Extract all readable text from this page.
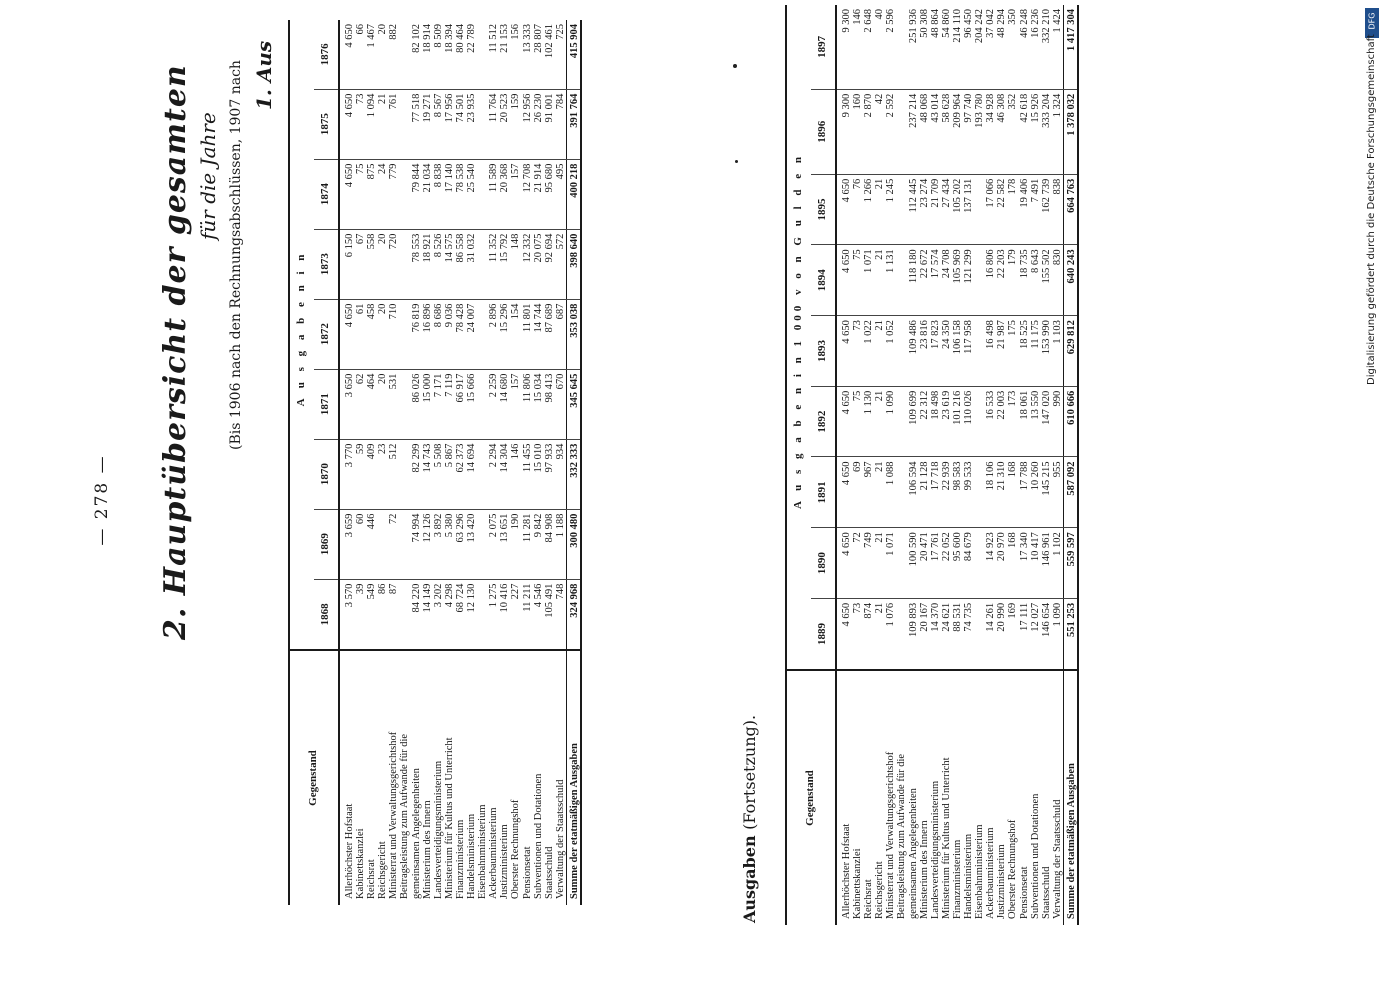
— 278 — 2. Hauptübersicht der gesamten für die Jahre (Bis 1906 nach den Rechnungsabschlüssen, 1907 nach 1. Aus
Gegenstand	A u s g a b e n i n								
	1868	1869	1870	1871	1872	1873	1874	1875	1876

Allerhöchster Hofstaat	3 570	3 659	3 770	3 650	4 650	6 150	4 650	4 650	4 650
Kabinettskanzlei	39	60	59	62	61	67	75	73	66
Reichsrat	549	446	409	464	458	558	875	1 094	1 467
Reichsgericht	86		23	20	20	20	24	21	20
Ministerrat und Verwaltungsgerichtshof	87	72	512	531	710	720	779	761	882
Beitragsleistung zum Aufwande für die									
gemeinsamen Angelegenheiten	84 220	74 994	82 299	86 026	76 819	78 553	79 844	77 518	82 102
Ministerium des Innern	14 149	12 126	14 743	15 000	16 896	18 921	21 034	19 271	18 914
Landesverteidigungsministerium	3 202	3 892	5 508	7 171	8 686	8 526	8 838	8 567	8 509
Ministerium für Kultus und Unterricht	4 298	5 380	5 867	7 119	9 036	14 575	17 140	17 956	18 394
Finanzministerium	68 724	63 296	62 373	66 917	78 428	86 558	78 538	74 501	80 464
Handelsministerium	12 130	13 420	14 694	15 666	24 007	31 032	25 540	23 935	22 789
Eisenbahnministerium									
Ackerbauministerium	1 275	2 075	2 294	2 259	2 896	11 352	11 589	11 764	11 512
Justizministerium	10 416	13 651	14 304	14 680	15 296	15 792	20 368	20 523	21 153
Oberster Rechnungshof	227	190	146	157	154	148	157	159	156
Pensionsetat	11 211	11 281	11 455	11 806	11 801	12 332	12 708	12 956	13 333
Subventionen und Dotationen	4 546	9 842	15 010	15 034	14 744	20 075	21 914	26 230	28 807
Staatsschuld	105 491	84 908	97 933	98 413	87 689	92 694	95 680	91 001	102 461
Verwaltung der Staatsschuld	748	1 188	934	670	687	572	495	784	725
Summe der etatmäßigen Ausgaben	324 968	300 480	332 333	345 645	353 038	398 640	400 218	391 764	415 904
Ausgaben (Fortsetzung).	Gegenstand	A u s g a b e n i n 1 000 v o n G u l d e n								
	1889	1890	1891	1892	1893	1894	1895	1896	1897

Allerhöchster Hofstaat	4 650	4 650	4 650	4 650	4 650	4 650	4 650	9 300	9 300
Kabinettskanzlei	73	72	69	75	73	75	76	160	146
Reichsrat	874	749	967	1 130	1 022	1 071	1 266	2 870	2 648
Reichsgericht	21	21	21	21	21	21	21	42	40
Ministerrat und Verwaltungsgerichtshof	1 076	1 071	1 088	1 090	1 052	1 131	1 245	2 592	2 596
Beitragsleistung zum Aufwande für die									
gemeinsamen Angelegenheiten	109 893	100 590	106 594	109 699	109 486	118 180	112 445	237 214	251 936
Ministerium des Innern	20 167	20 471	21 128	22 312	23 816	22 672	23 274	48 068	50 308
Landesverteidigungsministerium	14 370	17 761	17 718	18 498	17 823	17 574	21 709	43 014	48 864
Ministerium für Kultus und Unterricht	24 621	22 052	22 939	23 619	24 350	24 708	27 434	58 628	54 860
Finanzministerium	88 531	95 600	98 583	101 216	106 158	105 969	105 202	209 964	214 110
Handelsministerium	74 735	84 679	99 533	110 026	117 958	121 299	137 131	97 740	96 450
Eisenbahnministerium								193 780	204 242
Ackerbauministerium	14 261	14 923	18 106	16 533	16 498	16 806	17 066	34 928	37 042
Justizministerium	20 990	20 970	21 310	22 003	21 987	22 203	22 582	46 308	48 294
Oberster Rechnungshof	169	168	168	173	175	179	178	352	350
Pensionsetat	17 111	17 340	17 788	18 061	18 525	18 735	19 406	42 618	46 248
Subventionen und Dotationen	12 027	10 417	10 260	13 550	11 175	8 643	7 491	15 926	16 236
Staatsschuld	146 654	146 961	145 215	147 020	153 990	155 502	162 739	333 204	332 210
Verwaltung der Staatsschuld	1 090	1 102	955	990	1 103	830	838	1 324	1 424
Summe der etatmäßigen Ausgaben	551 253	559 597	587 092	610 666	629 812	640 243	664 763	1 378 032	1 417 304	DFG
Digitalisierung gefördert durch die Deutsche Forschungsgemeinschaft
